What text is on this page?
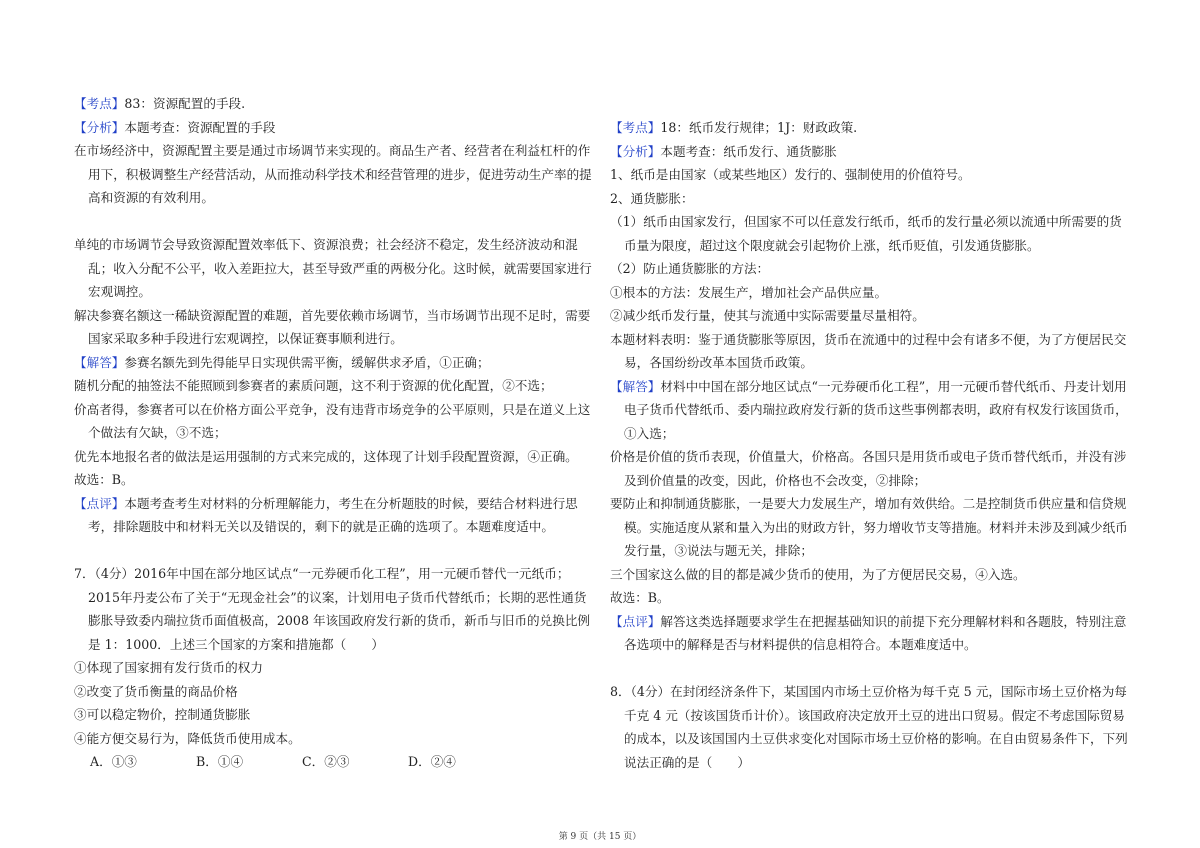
【考点】83：资源配置的手段.

【分析】本题考查：资源配置的手段

在市场经济中，资源配置主要是通过市场调节来实现的。商品生产者、经营者在利益杠杆的作用下，积极调整生产经营活动，从而推动科学技术和经营管理的进步，促进劳动生产率的提高和资源的有效利用。

单纯的市场调节会导致资源配置效率低下、资源浪费；社会经济不稳定，发生经济波动和混乱；收入分配不公平，收入差距拉大，甚至导致严重的两极分化。这时候，就需要国家进行宏观调控。

解决参赛名额这一稀缺资源配置的难题，首先要依赖市场调节，当市场调节出现不足时，需要国家采取多种手段进行宏观调控，以保证赛事顺利进行。

【解答】参赛名额先到先得能早日实现供需平衡，缓解供求矛盾，①正确；

随机分配的抽签法不能照顾到参赛者的素质问题，这不利于资源的优化配置，②不选；

价高者得，参赛者可以在价格方面公平竞争，没有违背市场竞争的公平原则，只是在道义上这个做法有欠缺，③不选；

优先本地报名者的做法是运用强制的方式来完成的，这体现了计划手段配置资源，④正确。

故选：B。

【点评】本题考查考生对材料的分析理解能力，考生在分析题肢的时候，要结合材料进行思考，排除题肢中和材料无关以及错误的，剩下的就是正确的选项了。本题难度适中。

7．（4分）2016年中国在部分地区试点“一元券硬币化工程”，用一元硬币替代一元纸币；2015年丹麦公布了关于“无现金社会”的议案，计划用电子货币代替纸币；长期的恶性通货膨胀导致委内瑞拉货币面值极高，2008 年该国政府发行新的货币，新币与旧币的兑换比例是 1：1000．上述三个国家的方案和措施都（　　）

①体现了国家拥有发行货币的权力

②改变了货币衡量的商品价格

③可以稳定物价，控制通货膨胀

④能方便交易行为，降低货币使用成本。

A．①③	B．①④	C．②③	D．②④

【考点】18：纸币发行规律；1J：财政政策.

【分析】本题考查：纸币发行、通货膨胀

1、纸币是由国家（或某些地区）发行的、强制使用的价值符号。

2、通货膨胀：

（1）纸币由国家发行，但国家不可以任意发行纸币，纸币的发行量必须以流通中所需要的货币量为限度，超过这个限度就会引起物价上涨，纸币贬值，引发通货膨胀。

（2）防止通货膨胀的方法：

①根本的方法：发展生产，增加社会产品供应量。

②减少纸币发行量，使其与流通中实际需要量尽量相符。

本题材料表明：鉴于通货膨胀等原因，货币在流通中的过程中会有诸多不便，为了方便居民交易，各国纷纷改革本国货币政策。

【解答】材料中中国在部分地区试点“一元券硬币化工程”，用一元硬币替代纸币、丹麦计划用电子货币代替纸币、委内瑞拉政府发行新的货币这些事例都表明，政府有权发行该国货币，①入选；

价格是价值的货币表现，价值量大，价格高。各国只是用货币或电子货币替代纸币，并没有涉及到价值量的改变，因此，价格也不会改变，②排除；

要防止和抑制通货膨胀，一是要大力发展生产，增加有效供给。二是控制货币供应量和信贷规模。实施适度从紧和量入为出的财政方针，努力增收节支等措施。材料并未涉及到减少纸币发行量，③说法与题无关，排除；

三个国家这么做的目的都是减少货币的使用，为了方便居民交易，④入选。

故选：B。

【点评】解答这类选择题要求学生在把握基础知识的前提下充分理解材料和各题肢，特别注意各选项中的解释是否与材料提供的信息相符合。本题难度适中。

8．（4分）在封闭经济条件下，某国国内市场土豆价格为每千克 5 元，国际市场土豆价格为每千克 4 元（按该国货币计价）。该国政府决定放开土豆的进出口贸易。假定不考虑国际贸易的成本，以及该国国内土豆供求变化对国际市场土豆价格的影响。在自由贸易条件下，下列说法正确的是（　　）

第 9 页（共 15 页）
